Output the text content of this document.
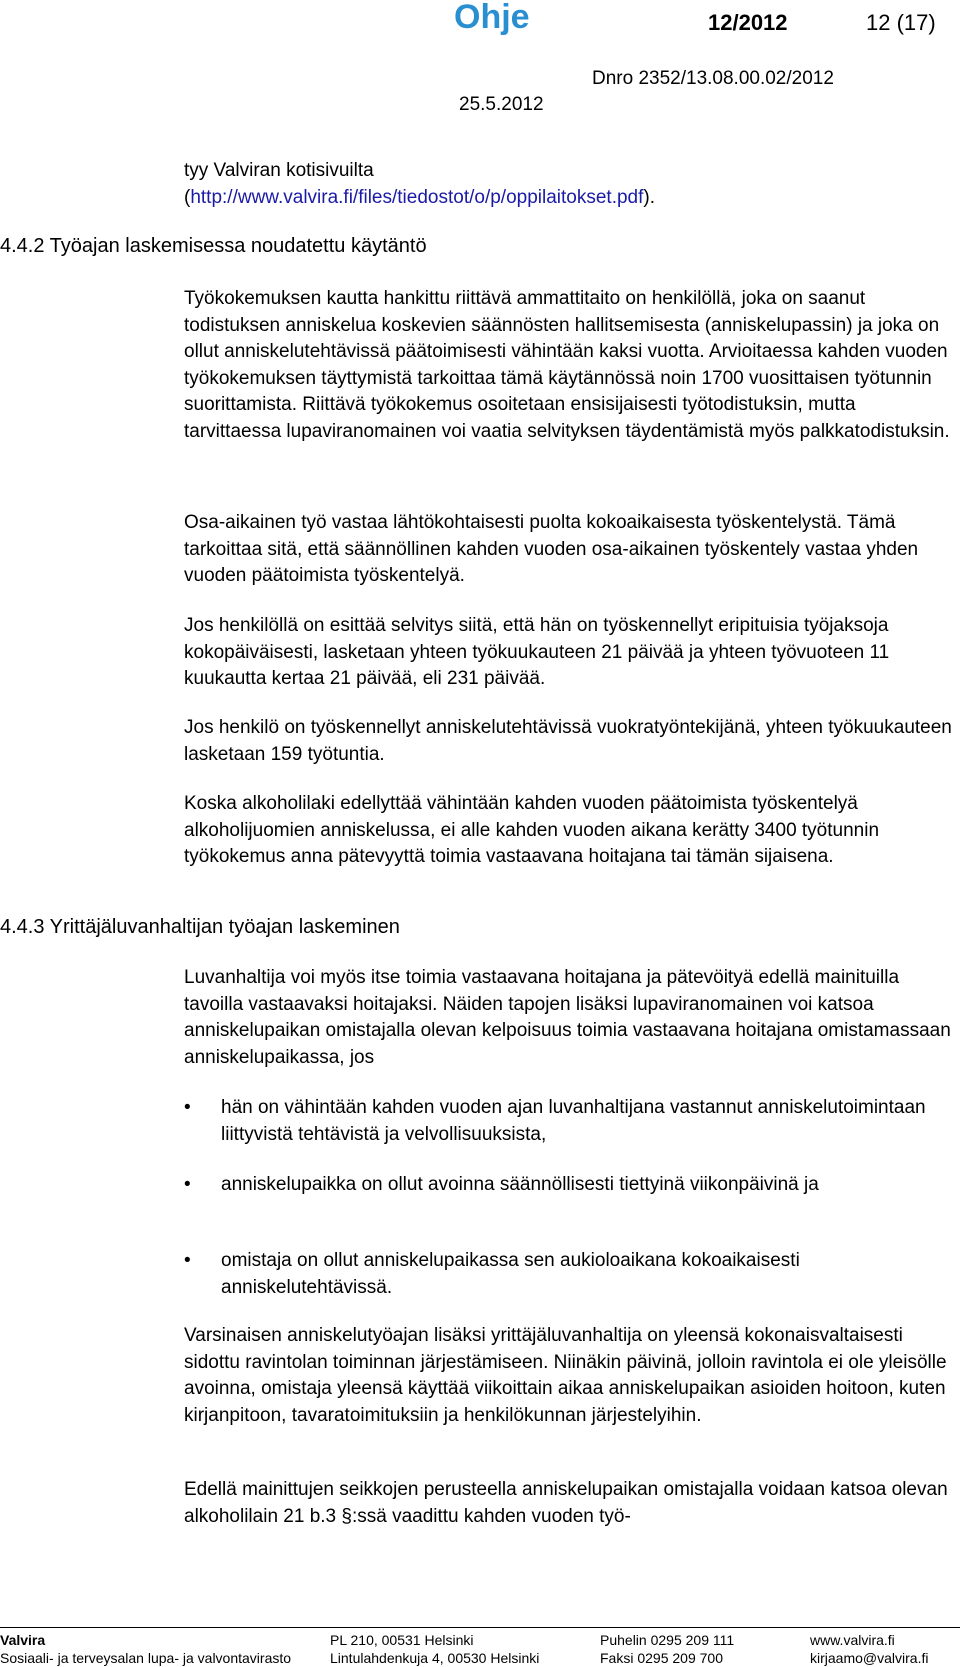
Ohje	12/2012	12 (17)
Dnro 2352/13.08.00.02/2012
25.5.2012
tyy Valviran kotisivuilta
(http://www.valvira.fi/files/tiedostot/o/p/oppilaitokset.pdf).
4.4.2 Työajan laskemisessa noudatettu käytäntö

Työkokemuksen kautta hankittu riittävä ammattitaito on henkilöllä, joka on saanut todistuksen anniskelua koskevien säännösten hallitsemisesta (anniskelupassin) ja joka on ollut anniskelutehtävissä päätoimisesti vähintään kaksi vuotta. Arvioitaessa kahden vuoden työkokemuksen täyttymistä tarkoittaa tämä käytännössä noin 1700 vuosittaisen työtunnin suorittamista. Riittävä työkokemus osoitetaan ensisijaisesti työtodistuksin, mutta tarvittaessa lupaviranomainen voi vaatia selvityksen täydentämistä myös palkkatodistuksin.

Osa-aikainen työ vastaa lähtökohtaisesti puolta kokoaikaisesta työskentelystä. Tämä tarkoittaa sitä, että säännöllinen kahden vuoden osa-aikainen työskentely vastaa yhden vuoden päätoimista työskentelyä.

Jos henkilöllä on esittää selvitys siitä, että hän on työskennellyt eripituisia työjaksoja kokopäiväisesti, lasketaan yhteen työkuukauteen 21 päivää ja yhteen työvuoteen 11 kuukautta kertaa 21 päivää, eli 231 päivää.

Jos henkilö on työskennellyt anniskelutehtävissä vuokratyöntekijänä, yhteen työkuukauteen lasketaan 159 työtuntia.

Koska alkoholilaki edellyttää vähintään kahden vuoden päätoimista työskentelyä alkoholijuomien anniskelussa, ei alle kahden vuoden aikana kerätty 3400 työtunnin työkokemus anna pätevyyttä toimia vastaavana hoitajana tai tämän sijaisena.

4.4.3 Yrittäjäluvanhaltijan työajan laskeminen

Luvanhaltija voi myös itse toimia vastaavana hoitajana ja pätevöityä edellä mainituilla tavoilla vastaavaksi hoitajaksi. Näiden tapojen lisäksi lupaviranomainen voi katsoa anniskelupaikan omistajalla olevan kelpoisuus toimia vastaavana hoitajana omistamassaan anniskelupaikassa, jos

• hän on vähintään kahden vuoden ajan luvanhaltijana vastannut anniskelutoimintaan liittyvistä tehtävistä ja velvollisuuksista,
• anniskelupaikka on ollut avoinna säännöllisesti tiettyinä viikonpäivinä ja
• omistaja on ollut anniskelupaikassa sen aukioloaikana kokoaikaisesti anniskelutehtävissä.

Varsinaisen anniskelutyöajan lisäksi yrittäjäluvanhaltija on yleensä kokonaisvaltaisesti sidottu ravintolan toiminnan järjestämiseen. Niinäkin päivinä, jolloin ravintola ei ole yleisölle avoinna, omistaja yleensä käyttää viikoittain aikaa anniskelupaikan asioiden hoitoon, kuten kirjanpitoon, tavaratoimituksiin ja henkilökunnan järjestelyihin.

Edellä mainittujen seikkojen perusteella anniskelupaikan omistajalla voidaan katsoa olevan alkoholilain 21 b.3 §:ssä vaadittu kahden vuoden työ-

Valvira
Sosiaali- ja terveysalan lupa- ja valvontavirasto
PL 210, 00531 Helsinki
Lintulahdenkuja 4, 00530 Helsinki
Puhelin 0295 209 111
Faksi 0295 209 700
www.valvira.fi
kirjaamo@valvira.fi
